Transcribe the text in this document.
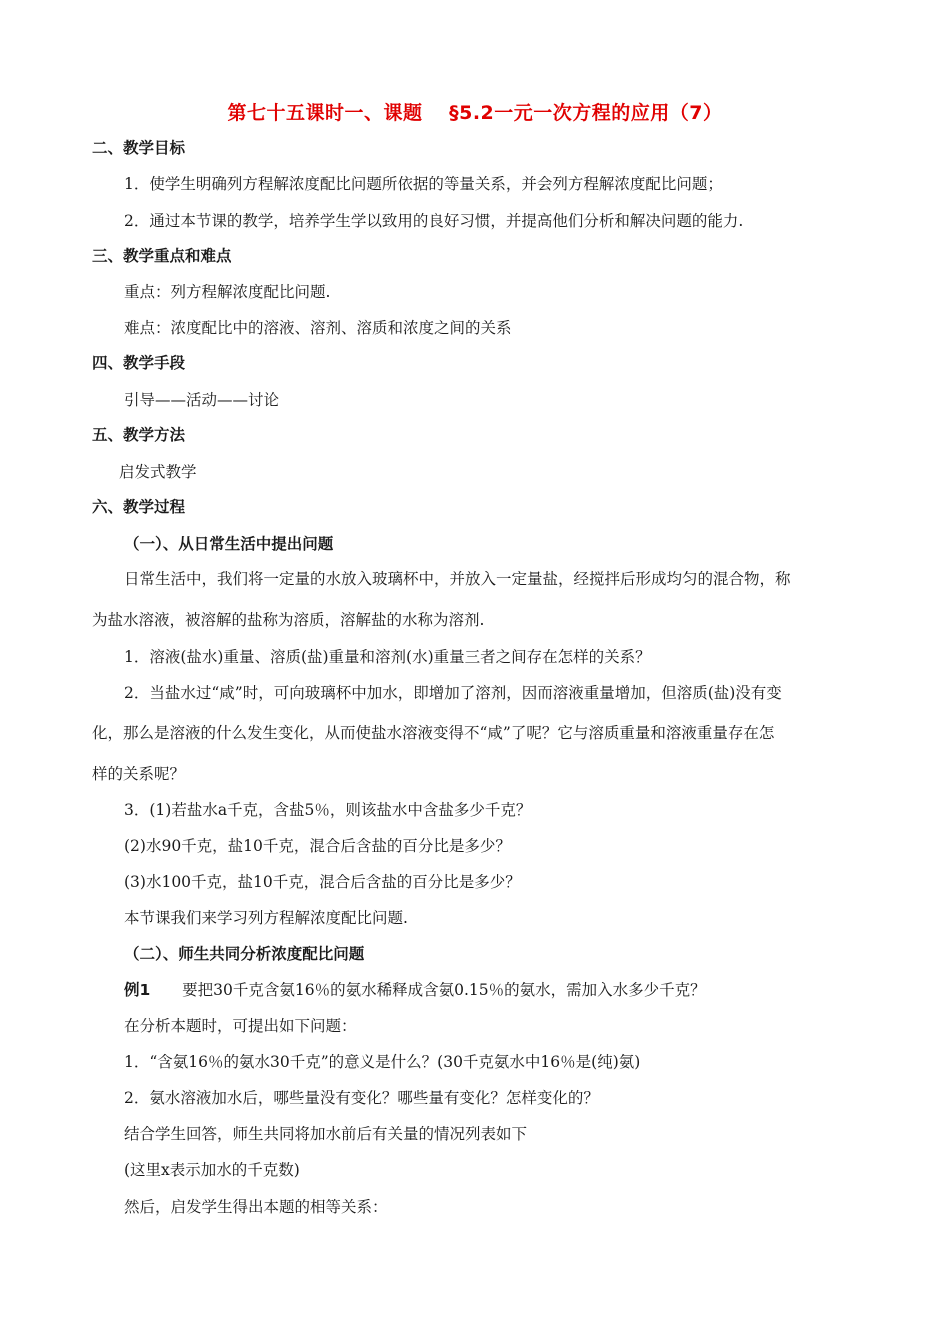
第七十五课时一、课题　 §5.2一元一次方程的应用（7）
二、教学目标
1．使学生明确列方程解浓度配比问题所依据的等量关系，并会列方程解浓度配比问题；
2．通过本节课的教学，培养学生学以致用的良好习惯，并提高他们分析和解决问题的能力.
三、教学重点和难点
重点：列方程解浓度配比问题.
难点：浓度配比中的溶液、溶剂、溶质和浓度之间的关系
四、教学手段
引导——活动——讨论
五、教学方法
启发式教学
六、教学过程
（一）、从日常生活中提出问题
日常生活中，我们将一定量的水放入玻璃杯中，并放入一定量盐，经搅拌后形成均匀的混合物，称
为盐水溶液，被溶解的盐称为溶质，溶解盐的水称为溶剂.
1．溶液(盐水)重量、溶质(盐)重量和溶剂(水)重量三者之间存在怎样的关系？
2．当盐水过“咸”时，可向玻璃杯中加水，即增加了溶剂，因而溶液重量增加，但溶质(盐)没有变
化，那么是溶液的什么发生变化，从而使盐水溶液变得不“咸”了呢？它与溶质重量和溶液重量存在怎
样的关系呢？
3．(1)若盐水a千克，含盐5％，则该盐水中含盐多少千克？
(2)水90千克，盐10千克，混合后含盐的百分比是多少？
(3)水100千克，盐10千克，混合后含盐的百分比是多少？
本节课我们来学习列方程解浓度配比问题.
（二）、师生共同分析浓度配比问题
例1 要把30千克含氨16％的氨水稀释成含氨0.15％的氨水，需加入水多少千克？
在分析本题时，可提出如下问题：
1．“含氨16％的氨水30千克”的意义是什么？(30千克氨水中16％是(纯)氨)
2．氨水溶液加水后，哪些量没有变化？哪些量有变化？怎样变化的？
结合学生回答，师生共同将加水前后有关量的情况列表如下
(这里x表示加水的千克数)
然后，启发学生得出本题的相等关系：
